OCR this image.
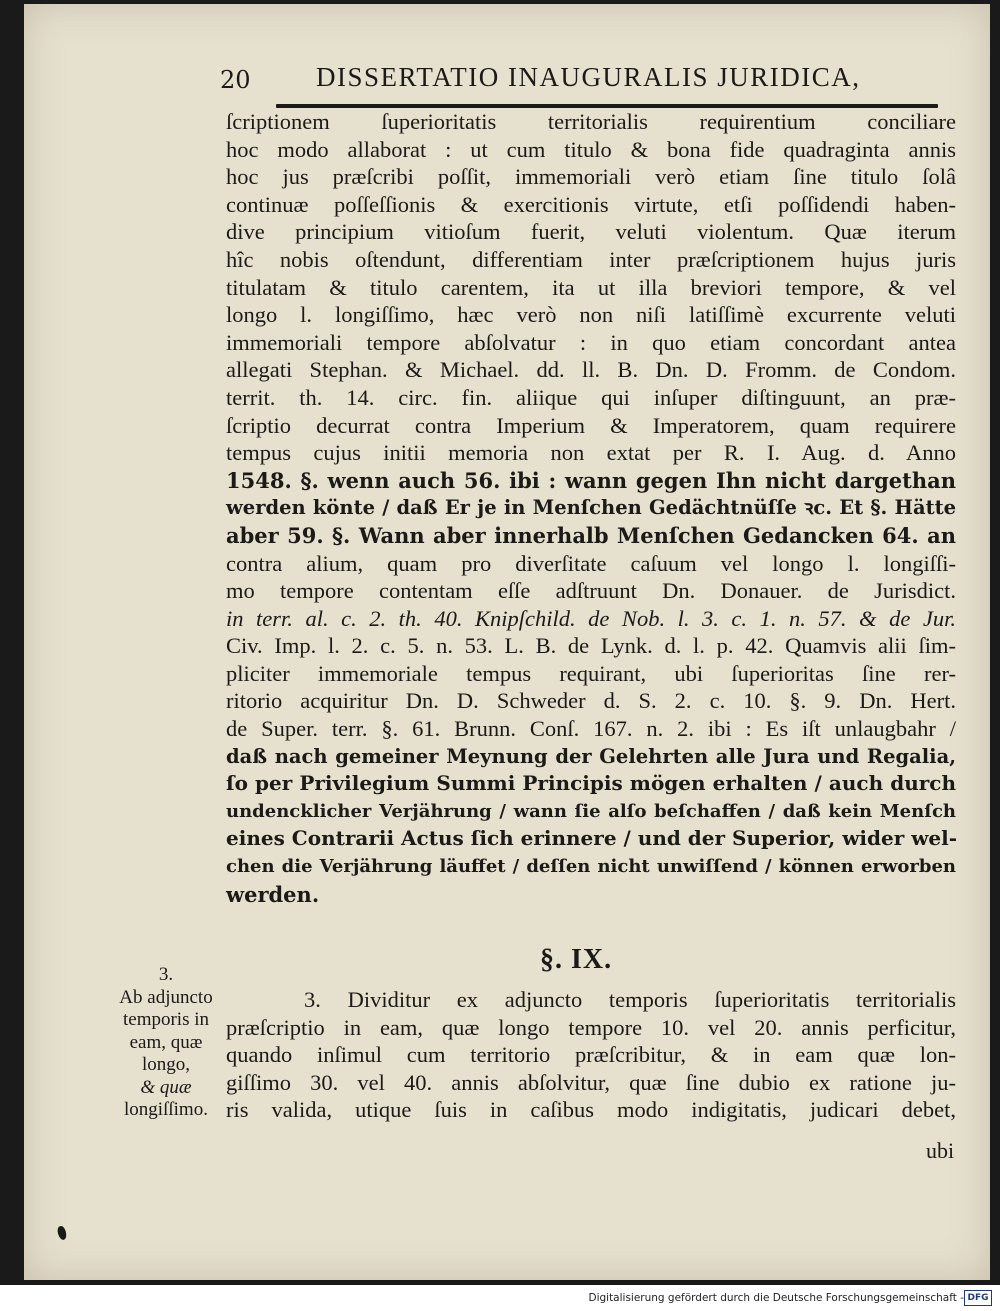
20 DISSERTATIO INAUGURALIS JURIDICA,
ſcriptionem ſuperioritatis territorialis requirentium conciliare
hoc modo allaborat : ut cum titulo & bona fide quadraginta annis
hoc jus præſcribi poſſit, immemoriali verò etiam ſine titulo ſolâ
continuæ poſſeſſionis & exercitionis virtute, etſi poſſidendi haben-
dive principium vitioſum fuerit, veluti violentum. Quæ iterum
hîc nobis oſtendunt, differentiam inter præſcriptionem hujus juris
titulatam & titulo carentem, ita ut illa breviori tempore, & vel
longo l. longiſſimo, hæc verò non niſi latiſſimè excurrente veluti
immemoriali tempore abſolvatur : in quo etiam concordant antea
allegati Stephan. & Michael. dd. ll. B. Dn. D. Fromm. de Condom.
territ. th. 14. circ. fin. aliique qui inſuper diſtinguunt, an præ-
ſcriptio decurrat contra Imperium & Imperatorem, quam requirere
tempus cujus initii memoria non extat per R. I. Aug. d. Anno
1548. §. wenn auch 56. ibi : wann gegen Ihn nicht dargethan
werden könte / daß Er je in Menſchen Gedächtnüſſe ꝛc. Et §. Hätte
aber 59. §. Wann aber innerhalb Menſchen Gedancken 64. an
contra alium, quam pro diverſitate caſuum vel longo l. longiſſi-
mo tempore contentam eſſe adſtruunt Dn. Donauer. de Jurisdict.
in terr. al. c. 2. th. 40. Knipſchild. de Nob. l. 3. c. 1. n. 57. & de Jur.
Civ. Imp. l. 2. c. 5. n. 53. L. B. de Lynk. d. l. p. 42. Quamvis alii ſim-
pliciter immemoriale tempus requirant, ubi ſuperioritas ſine rer-
ritorio acquiritur Dn. D. Schweder d. S. 2. c. 10. §. 9. Dn. Hert.
de Super. terr. §. 61. Brunn. Conſ. 167. n. 2. ibi : Es iſt unlaugbahr /
daß nach gemeiner Meynung der Gelehrten alle Jura und Regalia,
ſo per Privilegium Summi Principis mögen erhalten / auch durch
undencklicher Verjährung / wann ſie alſo beſchaffen / daß kein Menſch
eines Contrarii Actus ſich erinnere / und der Superior, wider wel-
chen die Verjährung läuffet / deſſen nicht unwiſſend / können erworben
werden.
§. IX.
3.
Ab adjuncto
temporis in
eam, quæ
longo,
& quæ
longiſſimo.
3. Dividitur ex adjuncto temporis ſuperioritatis territorialis
præſcriptio in eam, quæ longo tempore 10. vel 20. annis perficitur,
quando inſimul cum territorio præſcribitur, & in eam quæ lon-
giſſimo 30. vel 40. annis abſolvitur, quæ ſine dubio ex ratione ju-
ris valida, utique ſuis in caſibus modo indigitatis, judicari debet,
ubi
Digitalisierung gefördert durch die Deutsche Forschungsgemeinschaft - DFG
